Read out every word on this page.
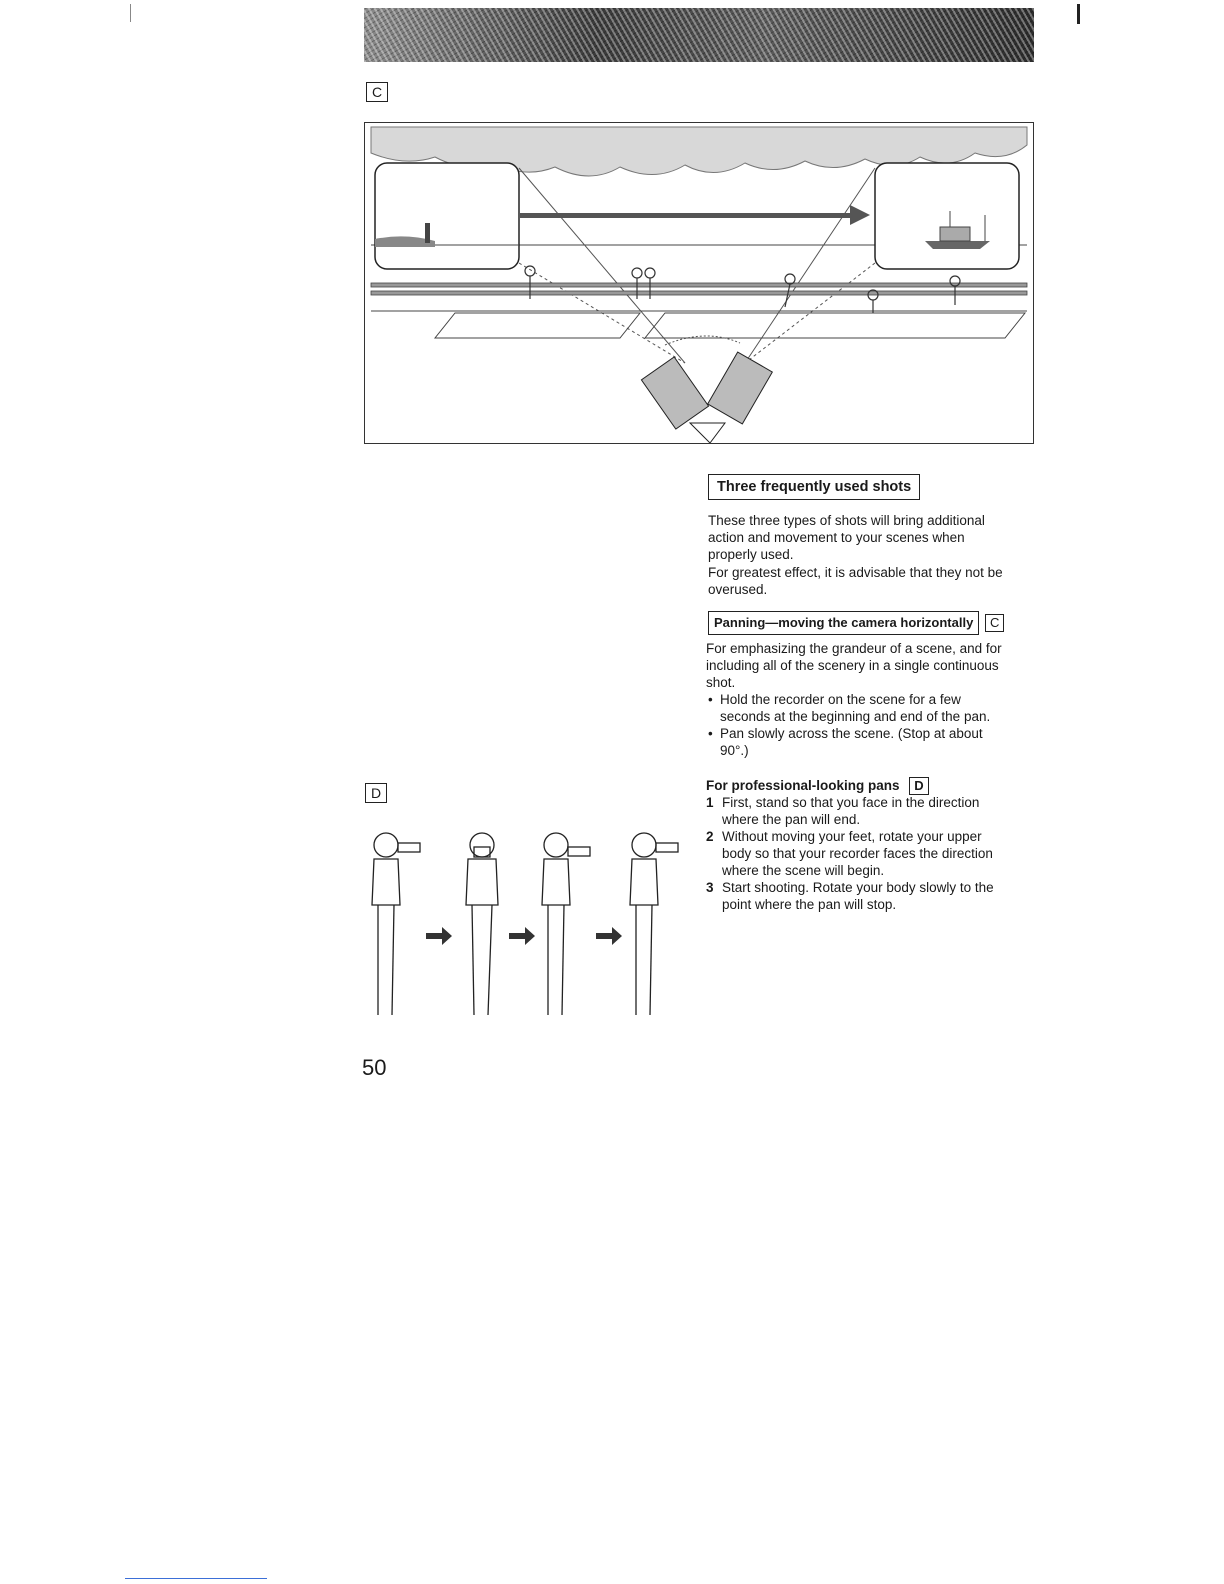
C
Three frequently used shots
These three types of shots will bring additional action and movement to your scenes when properly used.
For greatest effect, it is advisable that they not be overused.
Panning—moving the camera horizontally	C
For emphasizing the grandeur of a scene, and for including all of the scenery in a single continuous shot.
• Hold the recorder on the scene for a few seconds at the beginning and end of the pan.
• Pan slowly across the scene. (Stop at about 90°.)
For professional-looking pans D
1 First, stand so that you face in the direction where the pan will end.
2 Without moving your feet, rotate your upper body so that your recorder faces the direction where the scene will begin.
3 Start shooting. Rotate your body slowly to the point where the pan will stop.
D
50
